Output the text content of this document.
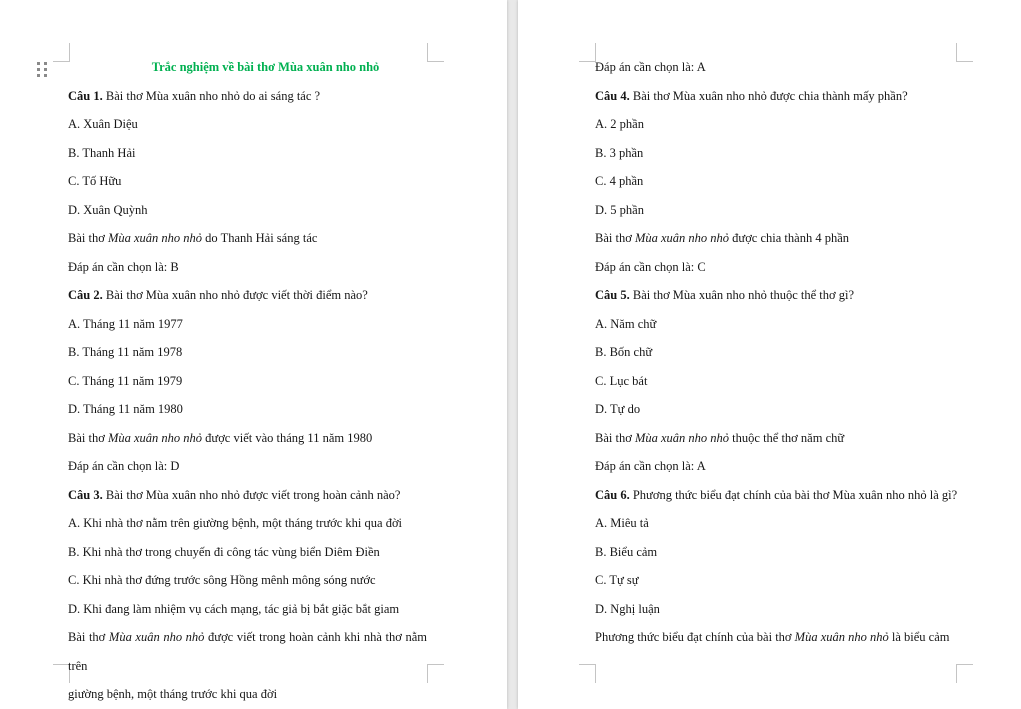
Trắc nghiệm về bài thơ Mùa xuân nho nhỏ

Câu 1. Bài thơ Mùa xuân nho nhỏ do ai sáng tác ?

A. Xuân Diệu

B. Thanh Hải

C. Tố Hữu

D. Xuân Quỳnh

Bài thơ Mùa xuân nho nhỏ do Thanh Hải sáng tác

Đáp án cần chọn là: B

Câu 2. Bài thơ Mùa xuân nho nhỏ được viết thời điểm nào?

A. Tháng 11 năm 1977

B. Tháng 11 năm 1978

C. Tháng 11 năm 1979

D. Tháng 11 năm 1980

Bài thơ Mùa xuân nho nhỏ được viết vào tháng 11 năm 1980

Đáp án cần chọn là: D

Câu 3. Bài thơ Mùa xuân nho nhỏ được viết trong hoàn cảnh nào?

A. Khi nhà thơ nằm trên giường bệnh, một tháng trước khi qua đời

B. Khi nhà thơ trong chuyến đi công tác vùng biển Diêm Điền

C. Khi nhà thơ đứng trước sông Hồng mênh mông sóng nước

D. Khi đang làm nhiệm vụ cách mạng, tác giả bị bắt giặc bắt giam

Bài thơ Mùa xuân nho nhỏ được viết trong hoàn cảnh khi nhà thơ nằm trên

giường bệnh, một tháng trước khi qua đời

Đáp án cần chọn là: A

Câu 4. Bài thơ Mùa xuân nho nhỏ được chia thành mấy phần?

A. 2 phần

B. 3 phần

C. 4 phần

D. 5 phần

Bài thơ Mùa xuân nho nhỏ được chia thành 4 phần

Đáp án cần chọn là: C

Câu 5. Bài thơ Mùa xuân nho nhỏ thuộc thể thơ gì?

A. Năm chữ

B. Bốn chữ

C. Lục bát

D. Tự do

Bài thơ Mùa xuân nho nhỏ thuộc thể thơ năm chữ

Đáp án cần chọn là: A

Câu 6. Phương thức biểu đạt chính của bài thơ Mùa xuân nho nhỏ là gì?

A. Miêu tả

B. Biểu cảm

C. Tự sự

D. Nghị luận

Phương thức biểu đạt chính của bài thơ Mùa xuân nho nhỏ là biểu cảm
